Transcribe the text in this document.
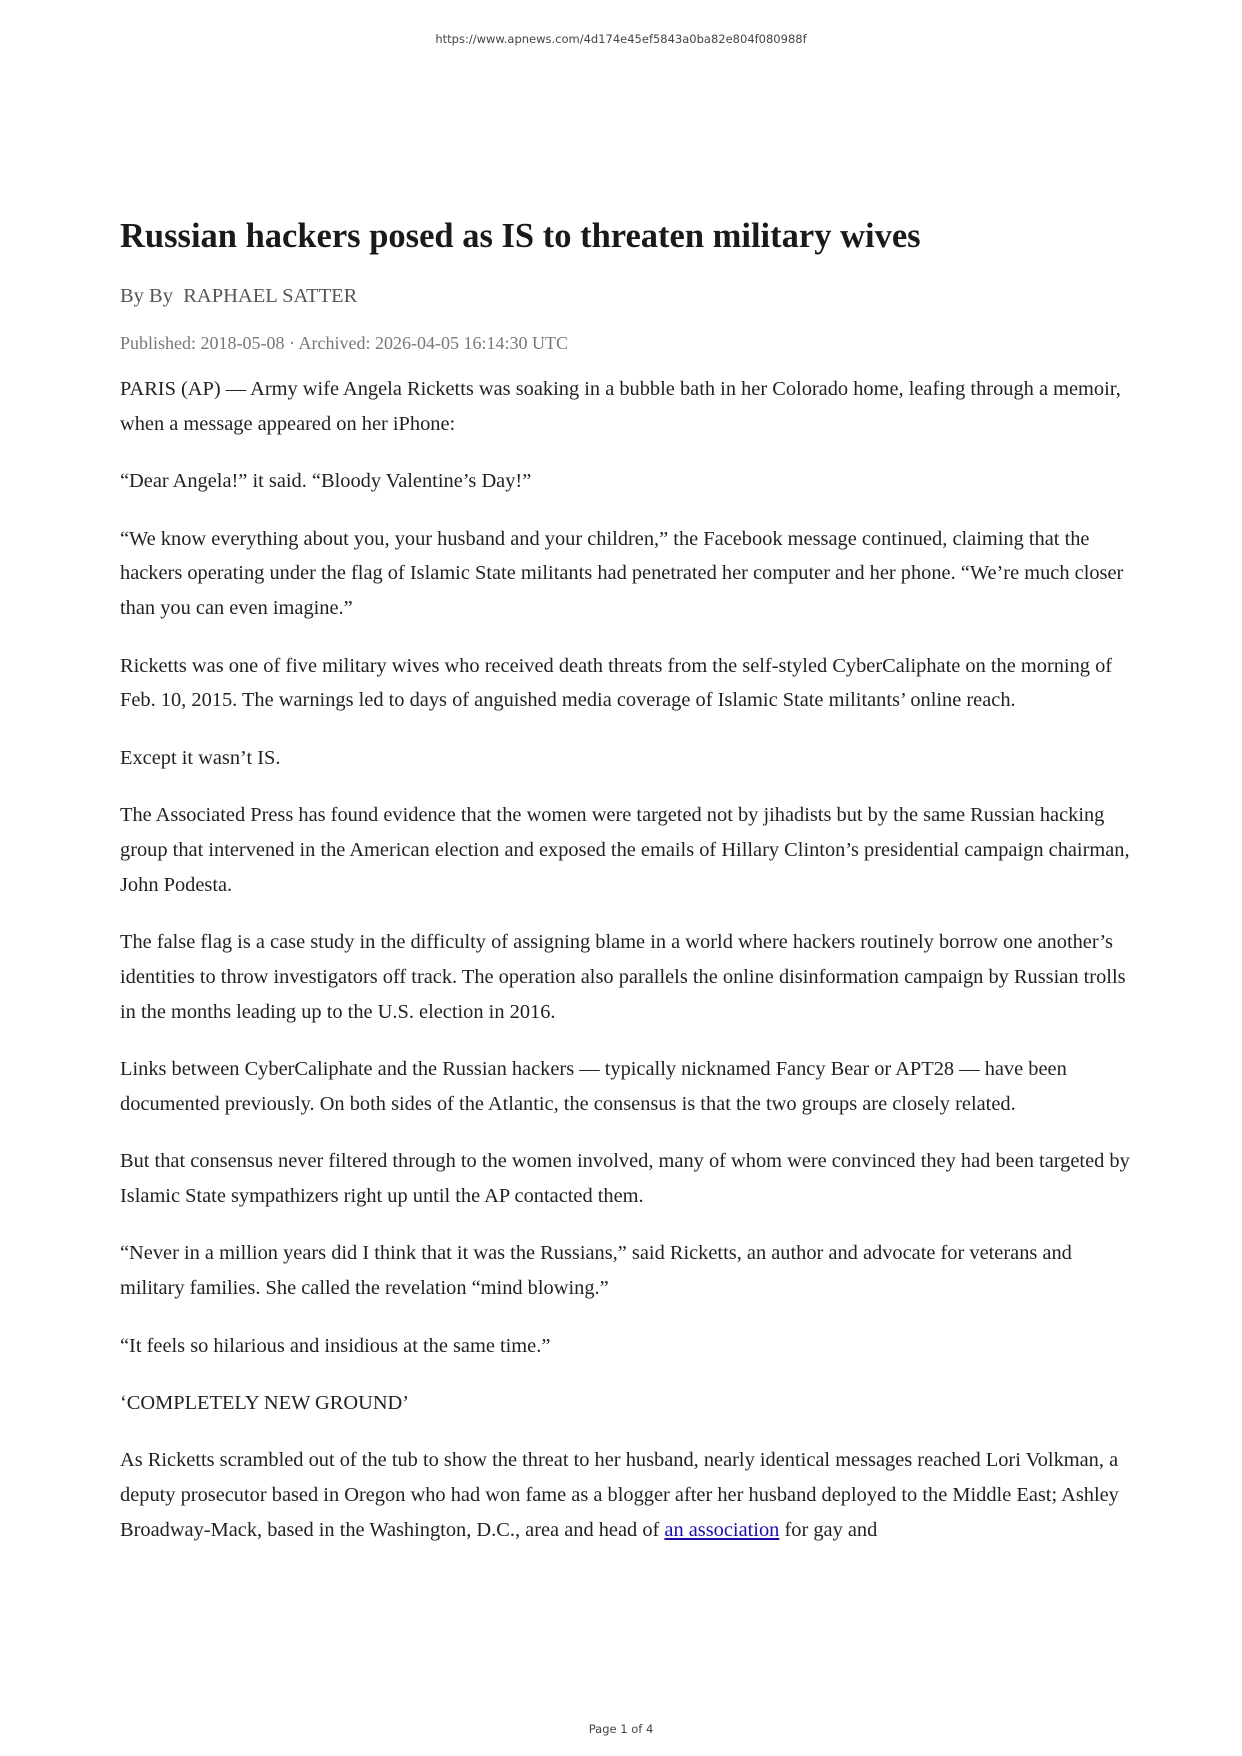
https://www.apnews.com/4d174e45ef5843a0ba82e804f080988f
Russian hackers posed as IS to threaten military wives
By By  RAPHAEL SATTER
Published: 2018-05-08 · Archived: 2026-04-05 16:14:30 UTC

PARIS (AP) — Army wife Angela Ricketts was soaking in a bubble bath in her Colorado home, leafing through a memoir, when a message appeared on her iPhone:

“Dear Angela!” it said. “Bloody Valentine’s Day!”

“We know everything about you, your husband and your children,” the Facebook message continued, claiming that the hackers operating under the flag of Islamic State militants had penetrated her computer and her phone. “We’re much closer than you can even imagine.”

Ricketts was one of five military wives who received death threats from the self-styled CyberCaliphate on the morning of Feb. 10, 2015. The warnings led to days of anguished media coverage of Islamic State militants’ online reach.

Except it wasn’t IS.

The Associated Press has found evidence that the women were targeted not by jihadists but by the same Russian hacking group that intervened in the American election and exposed the emails of Hillary Clinton’s presidential campaign chairman, John Podesta.

The false flag is a case study in the difficulty of assigning blame in a world where hackers routinely borrow one another’s identities to throw investigators off track. The operation also parallels the online disinformation campaign by Russian trolls in the months leading up to the U.S. election in 2016.

Links between CyberCaliphate and the Russian hackers — typically nicknamed Fancy Bear or APT28 — have been documented previously. On both sides of the Atlantic, the consensus is that the two groups are closely related.

But that consensus never filtered through to the women involved, many of whom were convinced they had been targeted by Islamic State sympathizers right up until the AP contacted them.

“Never in a million years did I think that it was the Russians,” said Ricketts, an author and advocate for veterans and military families. She called the revelation “mind blowing.”

“It feels so hilarious and insidious at the same time.”

‘COMPLETELY NEW GROUND’

As Ricketts scrambled out of the tub to show the threat to her husband, nearly identical messages reached Lori Volkman, a deputy prosecutor based in Oregon who had won fame as a blogger after her husband deployed to the Middle East; Ashley Broadway-Mack, based in the Washington, D.C., area and head of an association for gay and

Page 1 of 4
